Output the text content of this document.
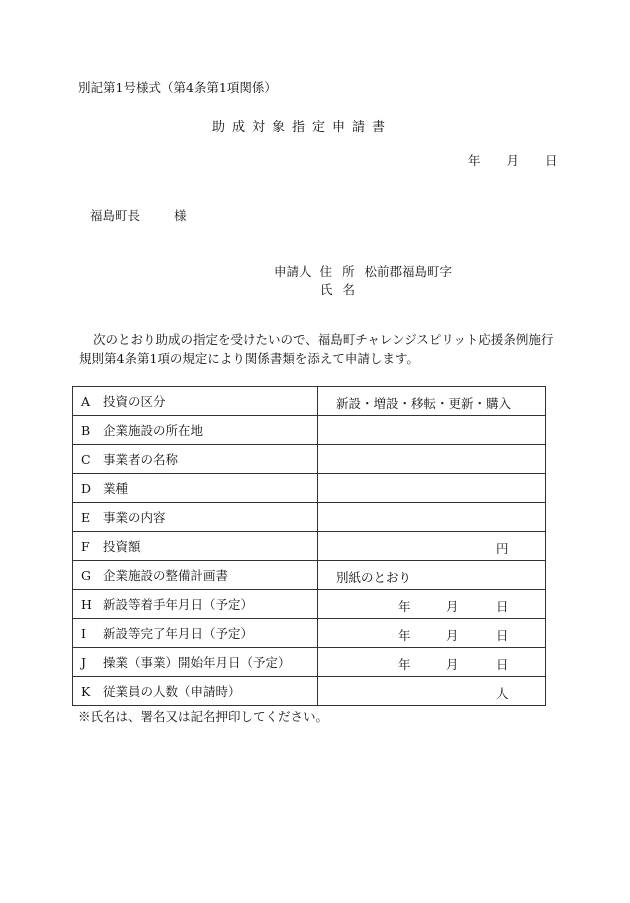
別記第1号様式（第4条第1項関係）
助成対象指定申請書
年 月 日
福島町長	様
申請人 住所松前郡福島町字
氏名
次のとおり助成の指定を受けたいので、福島町チャレンジスピリット応援条例施行規則第4条第1項の規定により関係書類を添えて申請します。
A 投資の区分	新設・増設・移転・更新・購入

B 企業施設の所在地	
C 事業者の名称	
D 業種	
E 事業の内容	
F 投資額	円

G 企業施設の整備計画書	別紙のとおり

H 新設等着手年月日（予定）	年 月 日

I 新設等完了年月日（予定）	年 月 日

J 操業（事業）開始年月日（予定）	年 月 日

K 従業員の人数（申請時）	人
※氏名は、署名又は記名押印してください。
